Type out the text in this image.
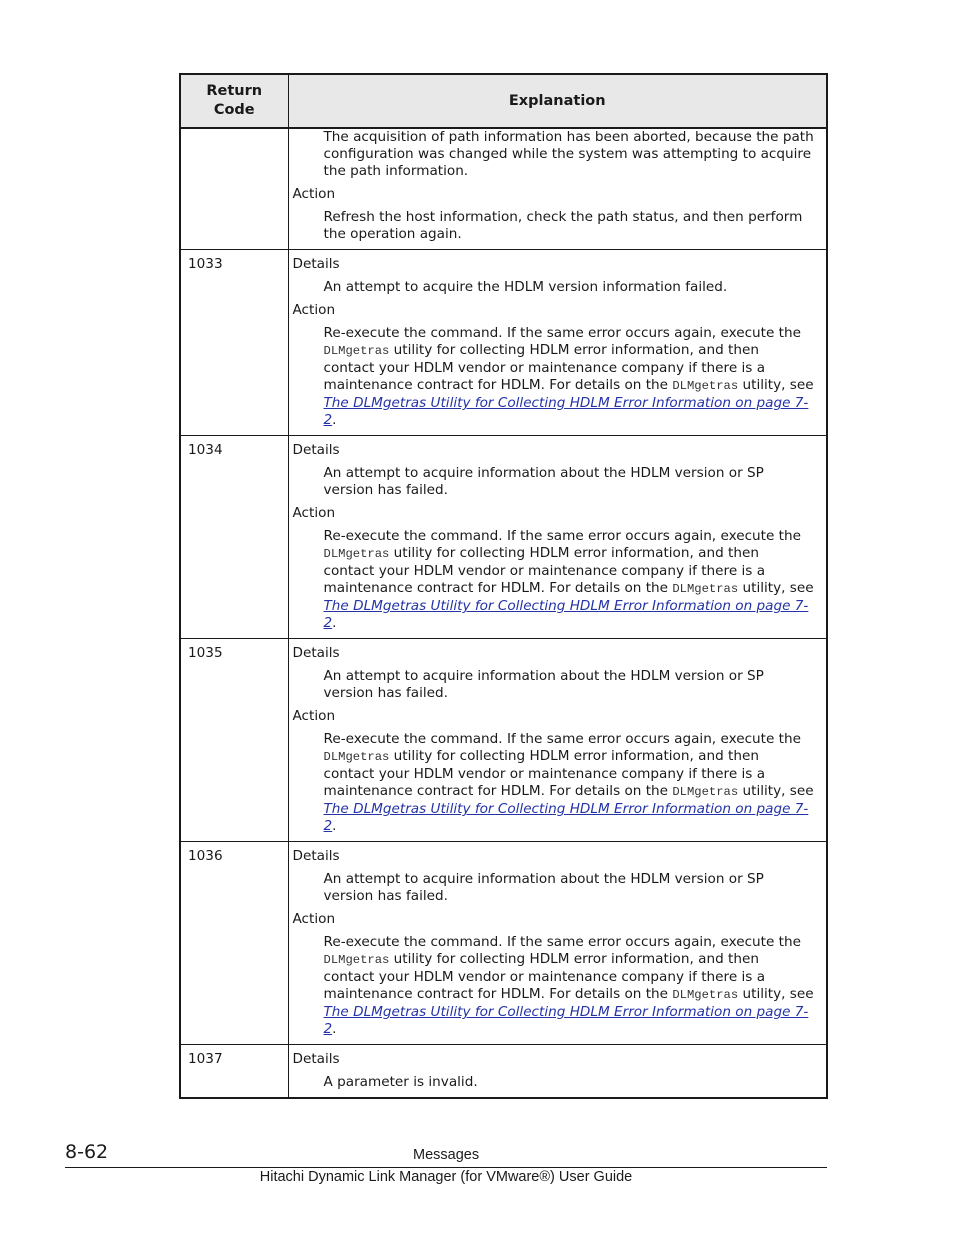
Return
Code	Explanation

	The acquisition of path information has been aborted, because the path configuration was changed while the system was attempting to acquire the path information.
Action
Refresh the host information, check the path status, and then perform the operation again.

1033	Details
An attempt to acquire the HDLM version information failed.
Action
Re-execute the command. If the same error occurs again, execute the DLMgetras utility for collecting HDLM error information, and then contact your HDLM vendor or maintenance company if there is a maintenance contract for HDLM. For details on the DLMgetras utility, see The DLMgetras Utility for Collecting HDLM Error Information on page 7-2.

1034	Details
An attempt to acquire information about the HDLM version or SP version has failed.
Action
Re-execute the command. If the same error occurs again, execute the DLMgetras utility for collecting HDLM error information, and then contact your HDLM vendor or maintenance company if there is a maintenance contract for HDLM. For details on the DLMgetras utility, see The DLMgetras Utility for Collecting HDLM Error Information on page 7-2.

1035	Details
An attempt to acquire information about the HDLM version or SP version has failed.
Action
Re-execute the command. If the same error occurs again, execute the DLMgetras utility for collecting HDLM error information, and then contact your HDLM vendor or maintenance company if there is a maintenance contract for HDLM. For details on the DLMgetras utility, see The DLMgetras Utility for Collecting HDLM Error Information on page 7-2.

1036	Details
An attempt to acquire information about the HDLM version or SP version has failed.
Action
Re-execute the command. If the same error occurs again, execute the DLMgetras utility for collecting HDLM error information, and then contact your HDLM vendor or maintenance company if there is a maintenance contract for HDLM. For details on the DLMgetras utility, see The DLMgetras Utility for Collecting HDLM Error Information on page 7-2.

1037	Details
A parameter is invalid.
8-62	Messages
Hitachi Dynamic Link Manager (for VMware®) User Guide
